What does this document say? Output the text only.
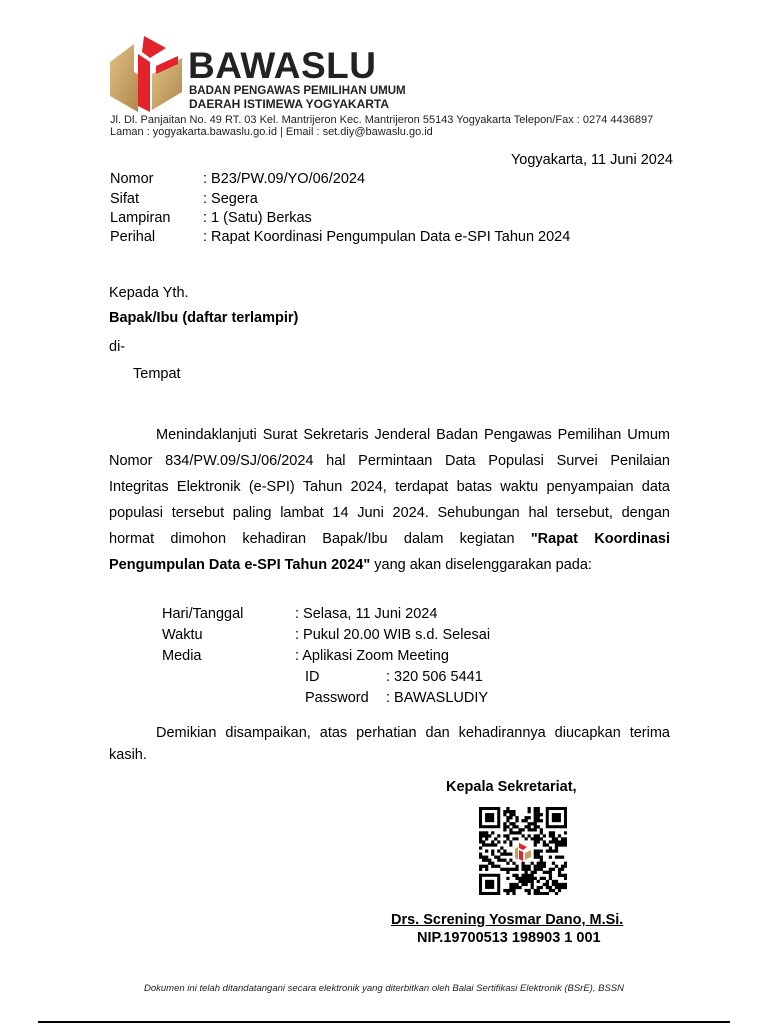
BAWASLU
BADAN PENGAWAS PEMILIHAN UMUM
DAERAH ISTIMEWA YOGYAKARTA
Jl. Dl. Panjaitan No. 49 RT. 03 Kel. Mantrijeron Kec. Mantrijeron 55143 Yogyakarta Telepon/Fax : 0274 4436897
Laman : yogyakarta.bawaslu.go.id | Email : set.diy@bawaslu.go.id
Yogyakarta, 11 Juni 2024
Nomor	: B23/PW.09/YO/06/2024
Sifat	: Segera
Lampiran : 1 (Satu) Berkas
Perihal	: Rapat Koordinasi Pengumpulan Data e-SPI Tahun 2024
Kepada Yth.
Bapak/Ibu (daftar terlampir)
di-
Tempat
Menindaklanjuti Surat Sekretaris Jenderal Badan Pengawas Pemilihan Umum Nomor 834/PW.09/SJ/06/2024 hal Permintaan Data Populasi Survei Penilaian Integritas Elektronik (e-SPI) Tahun 2024, terdapat batas waktu penyampaian data populasi tersebut paling lambat 14 Juni 2024. Sehubungan hal tersebut, dengan hormat dimohon kehadiran Bapak/Ibu dalam kegiatan "Rapat Koordinasi Pengumpulan Data e-SPI Tahun 2024" yang akan diselenggarakan pada:
Hari/Tanggal	: Selasa, 11 Juni 2024
Waktu	: Pukul 20.00 WIB s.d. Selesai
Media	: Aplikasi Zoom Meeting
ID	: 320 506 5441
Password : BAWASLUDIY
Demikian disampaikan, atas perhatian dan kehadirannya diucapkan terima kasih.
Kepala Sekretariat,
Drs. Screning Yosmar Dano, M.Si.
NIP.19700513 198903 1 001
Dokumen ini telah ditandatangani secara elektronik yang diterbitkan oleh Balai Sertifikasi Elektronik (BSrE), BSSN
